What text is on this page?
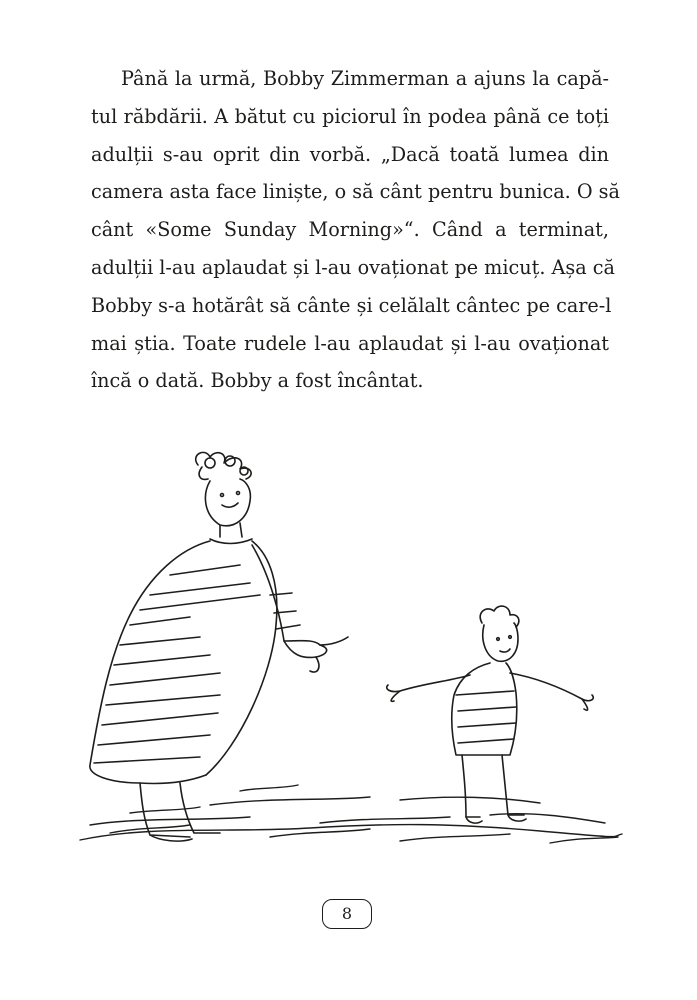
Până la urmă, Bobby Zimmerman a ajuns la capă-
tul răbdării. A bătut cu piciorul în podea până ce toți
adulții s-au oprit din vorbă. „Dacă toată lumea din
camera asta face liniște, o să cânt pentru bunica. O să
cânt «Some Sunday Morning»“. Când a terminat,
adulții l-au aplaudat și l-au ovaționat pe micuț. Așa că
Bobby s-a hotărât să cânte și celălalt cântec pe care-l
mai știa. Toate rudele l-au aplaudat și l-au ovaționat
încă o dată. Bobby a fost încântat.
8
